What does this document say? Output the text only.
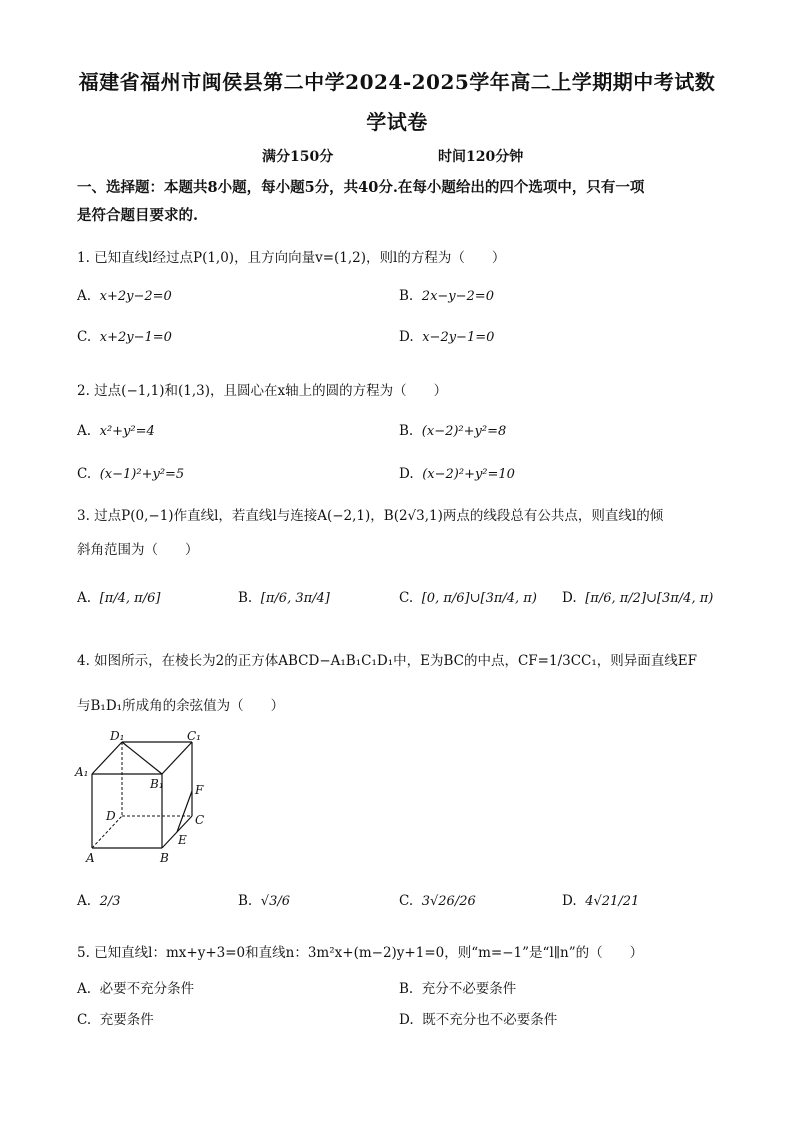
福建省福州市闽侯县第二中学2024-2025学年高二上学期期中考试数
学试卷
满分150分	时间120分钟
一、选择题：本题共8小题，每小题5分，共40分.在每小题给出的四个选项中，只有一项
是符合题目要求的.
1. 已知直线l经过点P(1,0)，且方向向量v=(1,2)，则l的方程为（　　）
A.  x+2y−2=0	B.  2x−y−2=0
C.  x+2y−1=0	D.  x−2y−1=0
2. 过点(−1,1)和(1,3)，且圆心在x轴上的圆的方程为（　　）
A.  x²+y²=4	B.  (x−2)²+y²=8
C.  (x−1)²+y²=5	D.  (x−2)²+y²=10
3. 过点P(0,−1)作直线l，若直线l与连接A(−2,1)，B(2√3,1)两点的线段总有公共点，则直线l的倾
斜角范围为（　　）
A.  [π/4, π/6]	B.  [π/6, 3π/4]	C.  [0, π/6]∪[3π/4, π) D.  [π/6, π/2]∪[3π/4, π)
4. 如图所示，在棱长为2的正方体ABCD−A₁B₁C₁D₁中，E为BC的中点，CF=1/3CC₁，则异面直线EF
与B₁D₁所成角的余弦值为（　　）
D₁	C₁
A₁
B₁	F
D	C
E
A	B
A.  2/3	B.  √3/6	C.  3√26/26	D.  4√21/21
5. 已知直线l：mx+y+3=0和直线n：3m²x+(m−2)y+1=0，则“m=−1”是“l∥n”的（　　）
A.  必要不充分条件	B.  充分不必要条件
C.  充要条件	D.  既不充分也不必要条件
